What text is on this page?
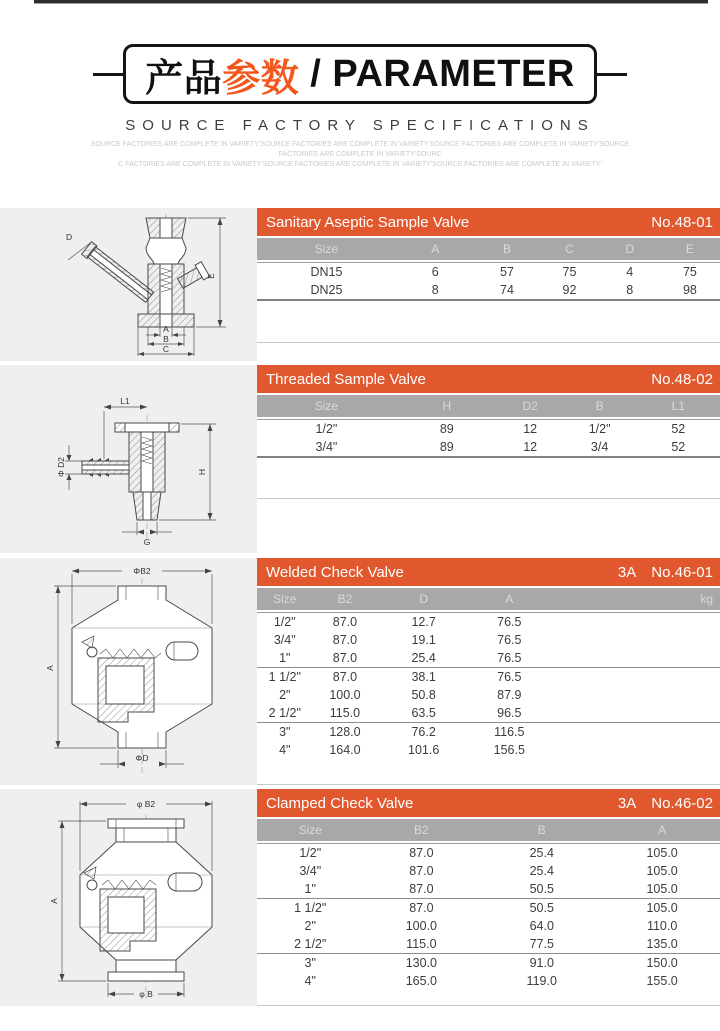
产品 参数 / PARAMETER
SOURCE FACTORY SPECIFICATIONS
SOURCE FACTORIES ARE COMPLETE IN VARIETY'SOURCE FACTORIES ARE COMPLETE IN VARIETY'SOURCE FACTORIES ARE COMPLETE IN VARIETY'SOURCE FACTORIES ARE COMPLETE IN VARIETY'SOURC
C FACTORIES ARE COMPLETE IN VARIETY'SOURCE FACTORIES ARE COMPLETE IN VARIETY'SOURCE FACTORIES ARE COMPLETE IN VARIETY'
D
E
A
B
C
Sanitary Aseptic Sample Valve	No.48-01
Size	A	B	C	D	E
DN15	6	57	75	4	75
DN25	8	74	92	8	98
L1
H
Φ D2
G
Threaded Sample Valve	No.48-02
Size	H	D2	B	L1
1/2"	89	12	1/2"	52
3/4"	89	12	3/4	52
ΦB2
A
ΦD
Welded Check Valve	3A No.46-01
Size	B2	D	A	kg
1/2"	87.0	12.7	76.5	
3/4"	87.0	19.1	76.5	
1"	87.0	25.4	76.5	
1 1/2"	87.0	38.1	76.5	
2"	100.0	50.8	87.9	
2 1/2"	115.0	63.5	96.5	
3"	128.0	76.2	116.5	
4"	164.0	101.6	156.5	
φ B2
A
φ B
Clamped Check Valve	3A No.46-02
Size	B2	B	A
1/2"	87.0	25.4	105.0
3/4"	87.0	25.4	105.0
1"	87.0	50.5	105.0
1 1/2"	87.0	50.5	105.0
2"	100.0	64.0	110.0
2 1/2"	115.0	77.5	135.0
3"	130.0	91.0	150.0
4"	165.0	119.0	155.0
